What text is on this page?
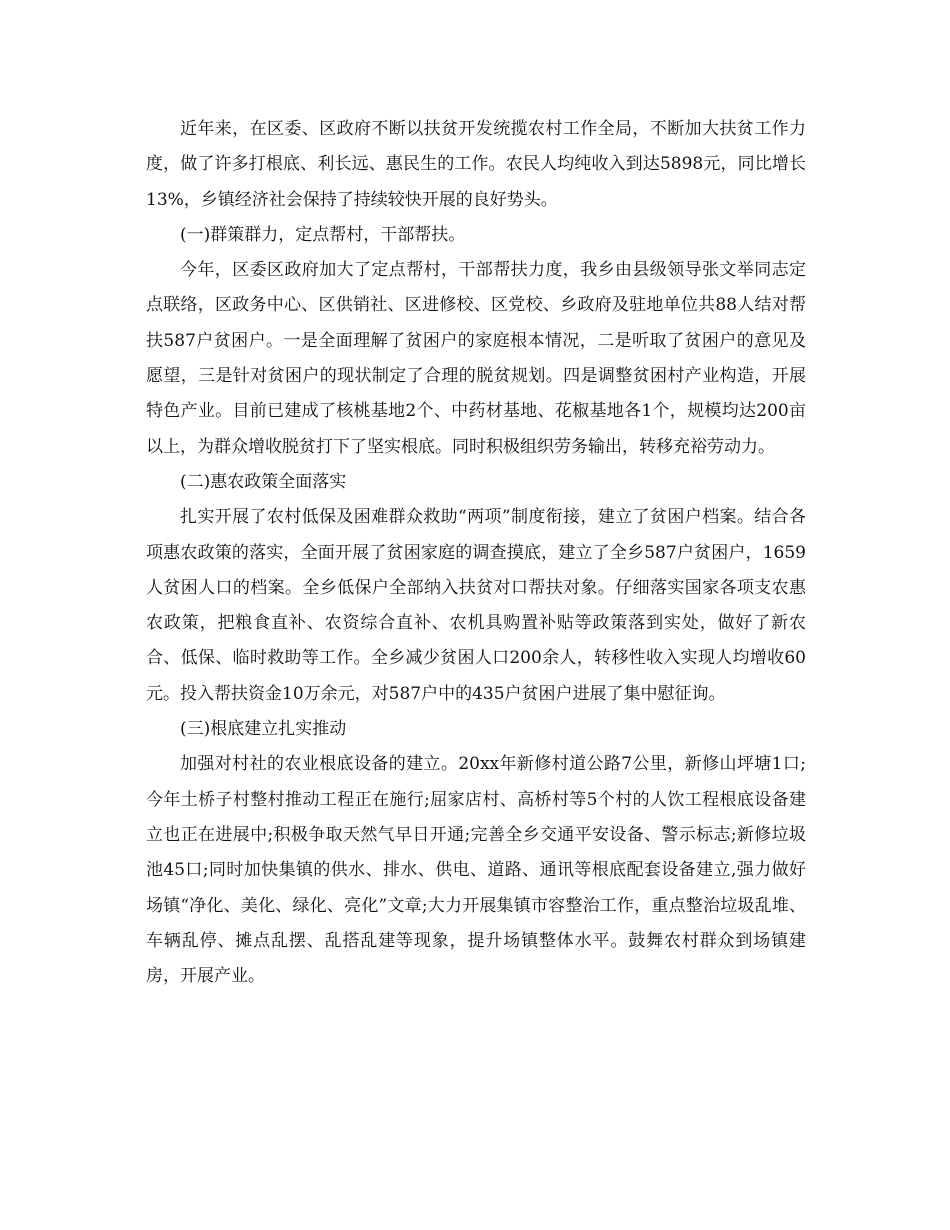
近年来，在区委、区政府不断以扶贫开发统揽农村工作全局，不断加大扶贫工作力度，做了许多打根底、利长远、惠民生的工作。农民人均纯收入到达5898元，同比增长13%，乡镇经济社会保持了持续较快开展的良好势头。

(一)群策群力，定点帮村，干部帮扶。

今年，区委区政府加大了定点帮村，干部帮扶力度，我乡由县级领导张文举同志定点联络，区政务中心、区供销社、区进修校、区党校、乡政府及驻地单位共88人结对帮扶587户贫困户。一是全面理解了贫困户的家庭根本情况，二是听取了贫困户的意见及愿望，三是针对贫困户的现状制定了合理的脱贫规划。四是调整贫困村产业构造，开展特色产业。目前已建成了核桃基地2个、中药材基地、花椒基地各1个，规模均达200亩以上，为群众增收脱贫打下了坚实根底。同时积极组织劳务输出，转移充裕劳动力。

(二)惠农政策全面落实

扎实开展了农村低保及困难群众救助“两项”制度衔接，建立了贫困户档案。结合各项惠农政策的落实，全面开展了贫困家庭的调查摸底，建立了全乡587户贫困户，1659人贫困人口的档案。全乡低保户全部纳入扶贫对口帮扶对象。仔细落实国家各项支农惠农政策，把粮食直补、农资综合直补、农机具购置补贴等政策落到实处，做好了新农合、低保、临时救助等工作。全乡减少贫困人口200余人，转移性收入实现人均增收60元。投入帮扶资金10万余元，对587户中的435户贫困户进展了集中慰征询。

(三)根底建立扎实推动

加强对村社的农业根底设备的建立。20xx年新修村道公路7公里，新修山坪塘1口;今年土桥子村整村推动工程正在施行;屈家店村、高桥村等5个村的人饮工程根底设备建立也正在进展中;积极争取天然气早日开通;完善全乡交通平安设备、警示标志;新修垃圾池45口;同时加快集镇的供水、排水、供电、道路、通讯等根底配套设备建立,强力做好场镇“净化、美化、绿化、亮化”文章;大力开展集镇市容整治工作，重点整治垃圾乱堆、车辆乱停、摊点乱摆、乱搭乱建等现象，提升场镇整体水平。鼓舞农村群众到场镇建房，开展产业。
